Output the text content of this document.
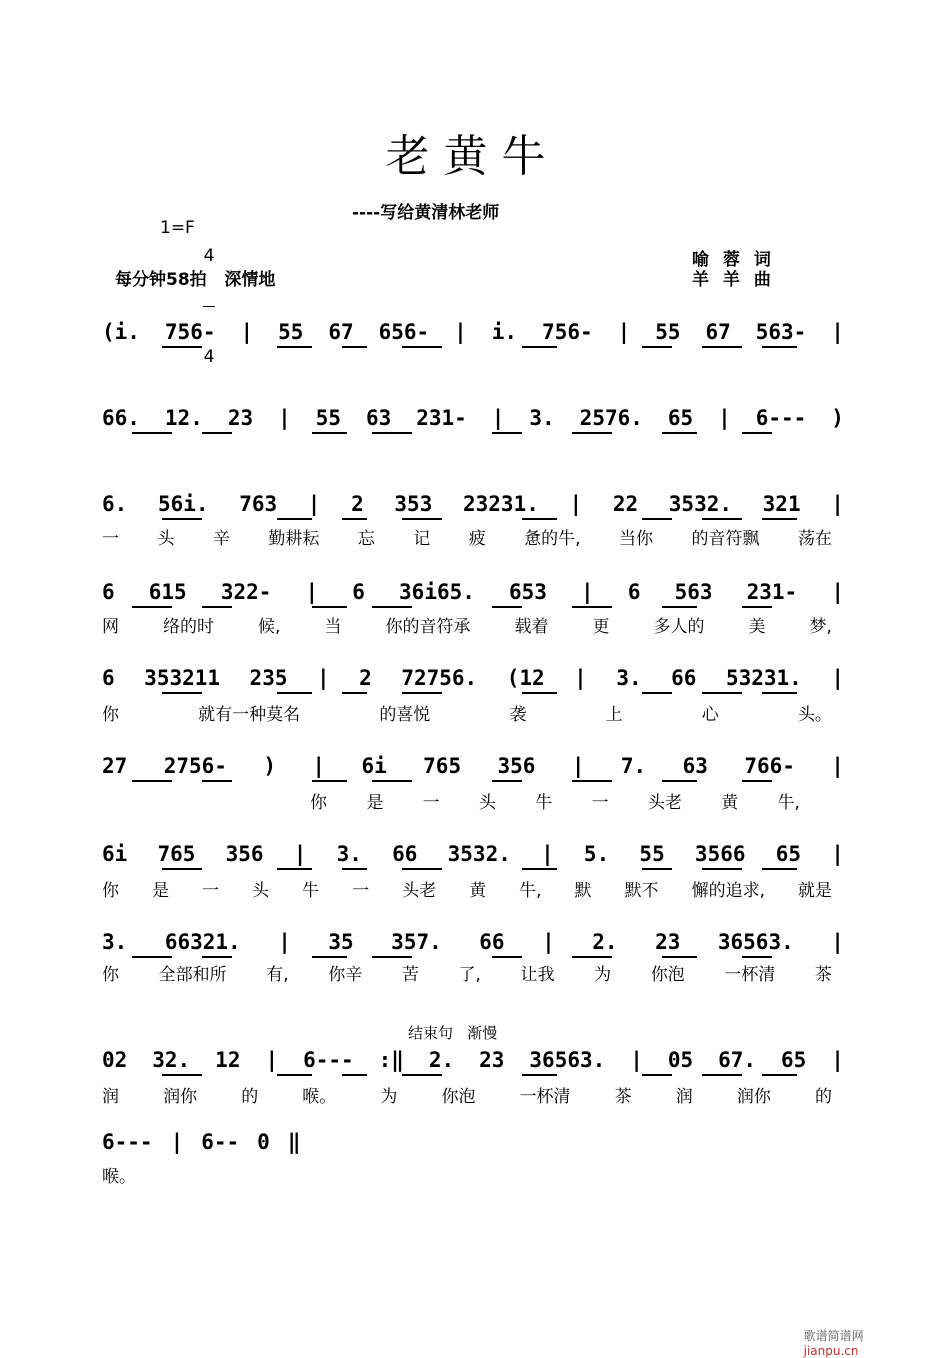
老黄牛
----写给黄清林老师
1=F

4

4

每分钟58拍   深情地
喻 蓉 词
羊 羊 曲
结束句   渐慢
(i. 756- | 55 67 656- | i. 756- | 55 67 563- |
66. 12. 23 | 55 63 231- | 3. 2576. 65 | 6--- )
6. 56i. 763 | 2 353 23231. | 22 3532. 321 |
一 头 辛 勤耕耘 忘 记 疲 惫的牛, 当你 的音符飘 荡在
6 615 322- | 6 36i65. 653 | 6 563 231- |
网	络的时	候,	当	你的音符承	载着	更	多人的	美	梦,
6 353211 235 | 2 72756. (12 | 3. 66 53231. |
你	就有一种莫名	的喜悦	袭	上	心	头。
27 2756- ) | 6i 765 356 | 7. 63 766- |
你 是 一 头 牛 一 头老 黄 牛,
6i 765 356 | 3. 66 3532. | 5. 55 3566 65 |
你 是 一 头 牛 一 头老 黄 牛, 默 默不 懈的追求, 就是
3. 66321. | 35 357. 66 | 2. 23 36563. |
你 全部和所 有, 你辛 苦 了, 让我 为 你泡 一杯清 茶
02 32. 12 | 6--- :‖ 2. 23 36563. | 05 67. 65 |
润	润你	的	喉。	为	你泡	一杯清	茶	润	润你	的
6--- | 6-- 0 ‖
喉。

歌谱简谱网
jianpu.cn
